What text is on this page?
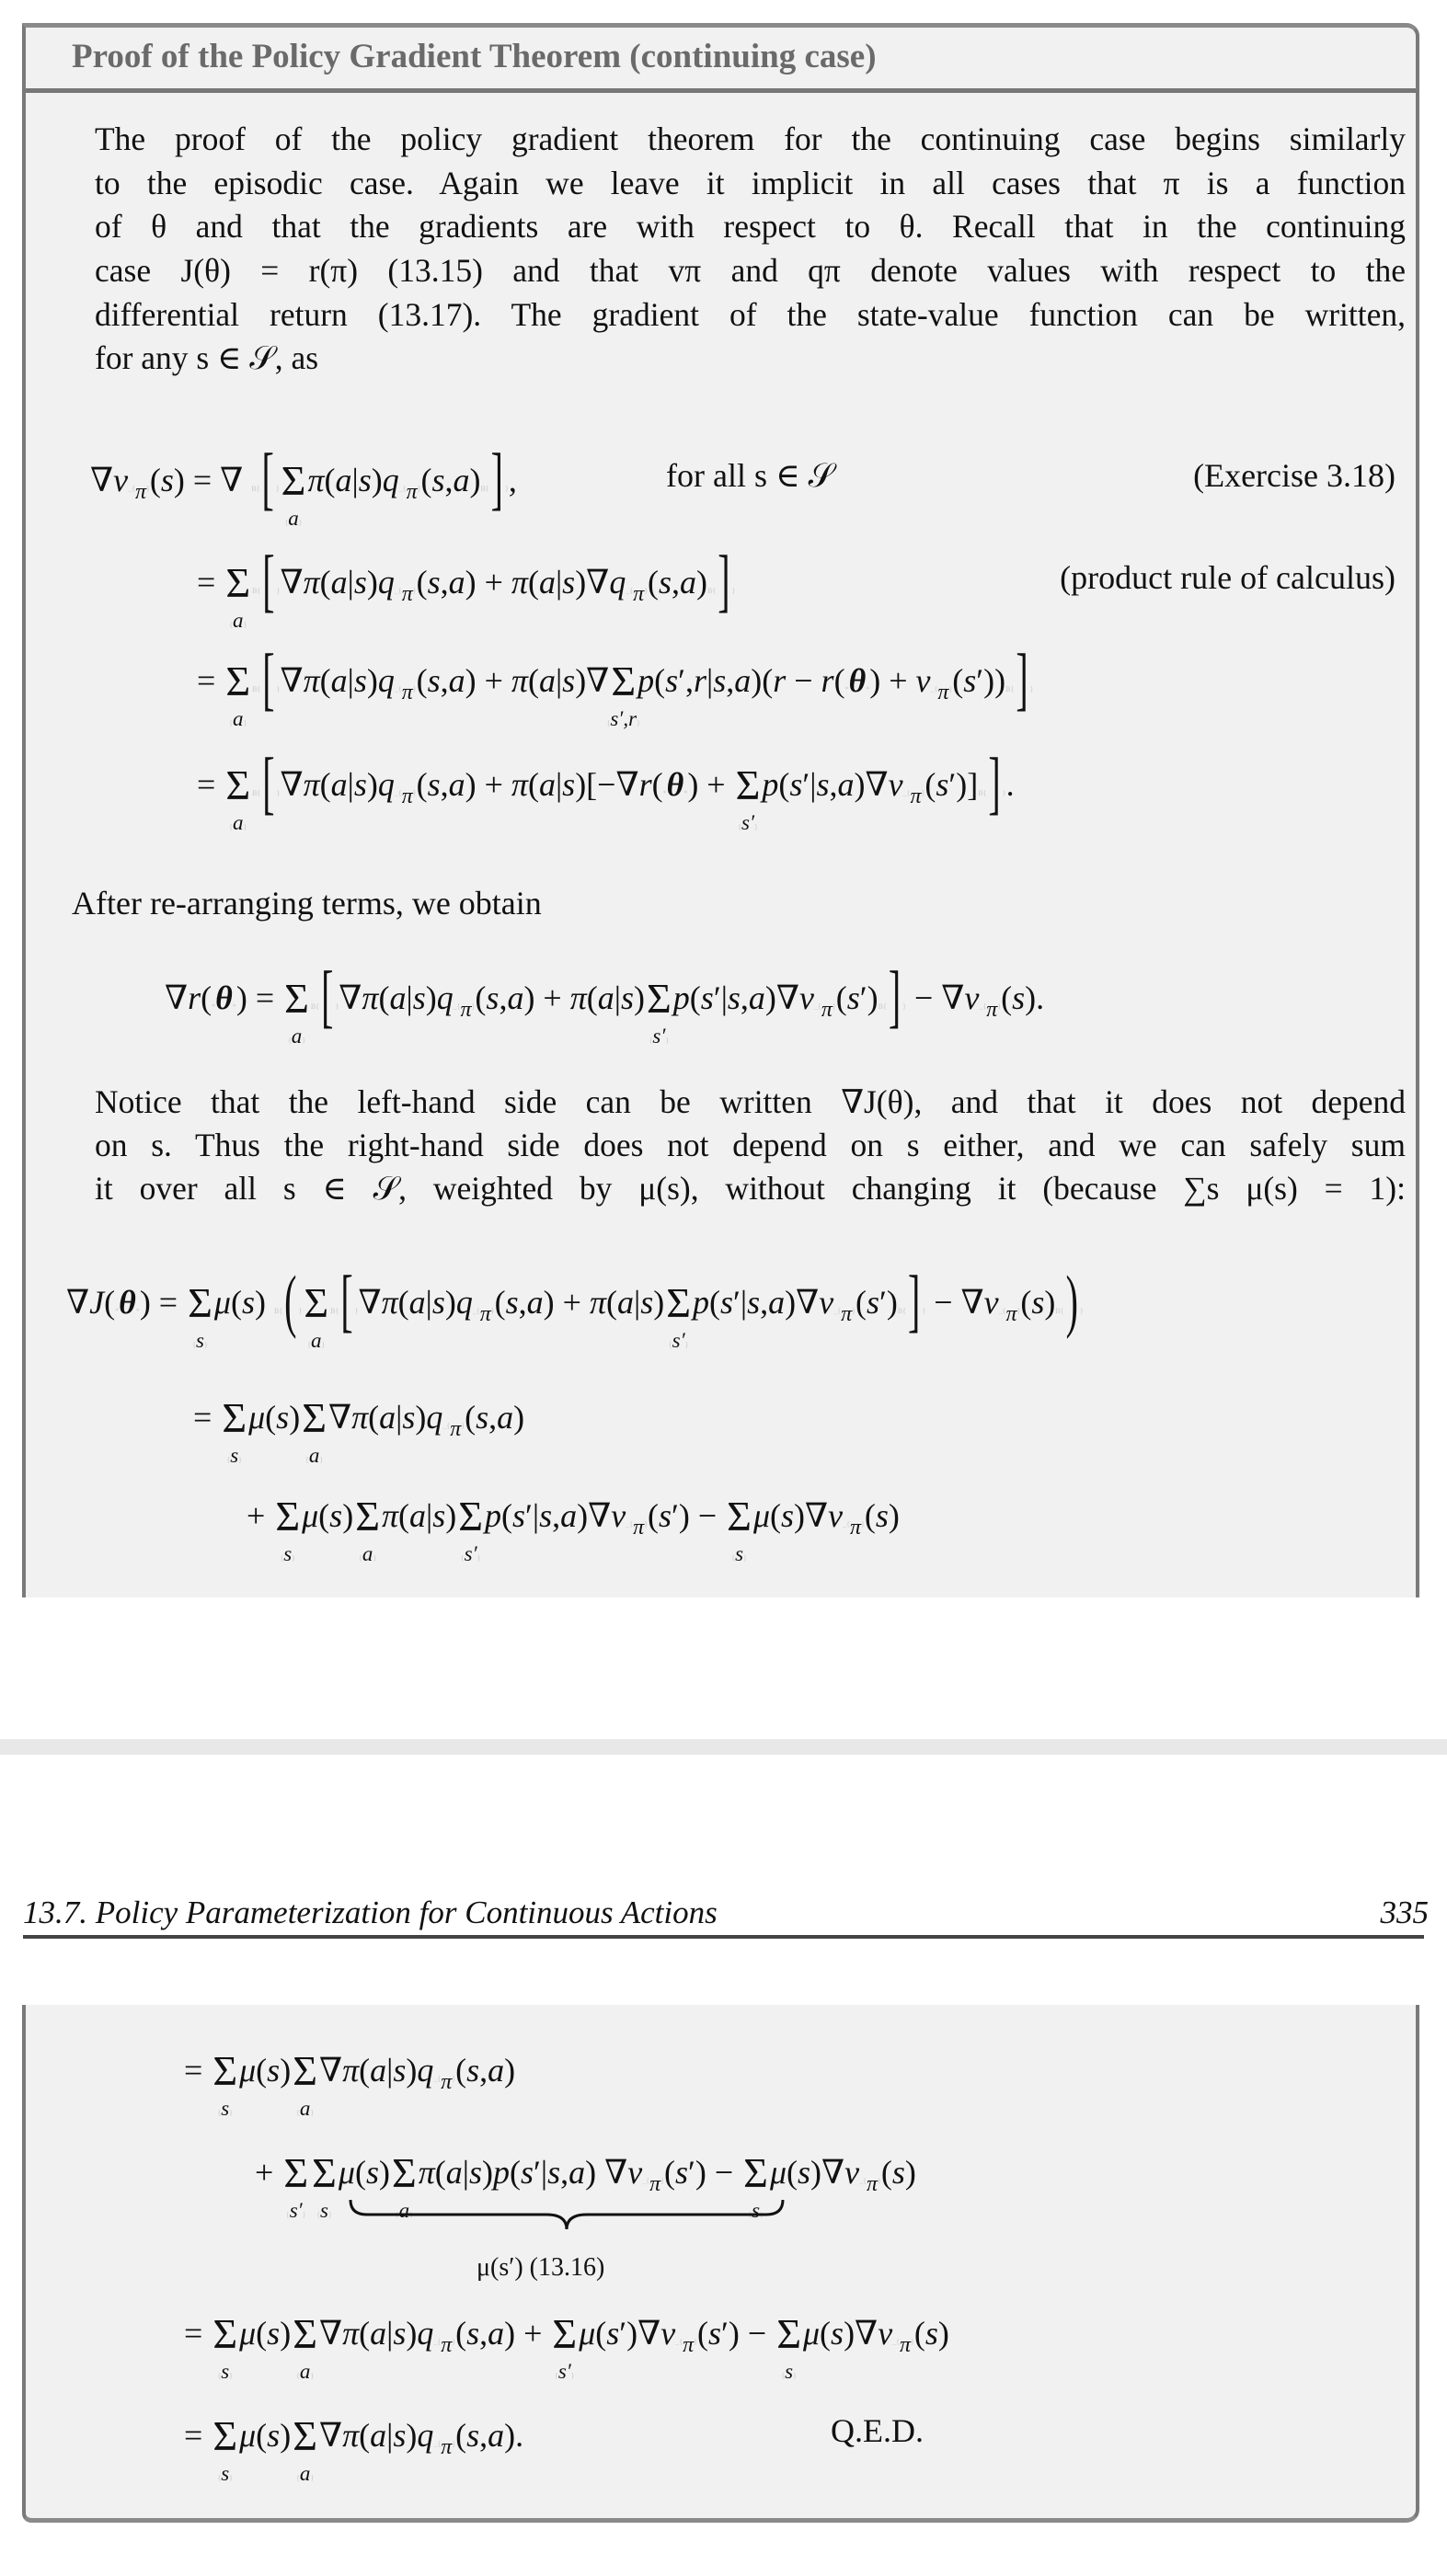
Proof of the Policy Gradient Theorem (continuing case)
The proof of the policy gradient theorem for the continuing case begins similarly
to the episodic case. Again we leave it implicit in all cases that π is a function
of θ and that the gradients are with respect to θ. Recall that in the continuing
case J(θ) = r(π) (13.15) and that vπ and qπ denote values with respect to the
differential return (13.17). The gradient of the state-value function can be written,
for any s ∈ 𝒮, as
$\nabla v\_\{_\pi\}(s)$ = ∇ B{[ }Σ
{a}
$\pi(a|s)q\_\{_\pi\}(s,a)B\{]$ },	for all s ∈ 𝒮	(Exercise 3.18)
= Σ
{a}
B{[ }$\nabla\pi(a|s)q\_\{_\pi\}(s,a)$ + $\pi(a|s)\nabla q\_\{_\pi\}(s,a)B\{]$ }	(product rule of calculus)
= Σ
{a}
B{[ }$\nabla\pi(a|s)q\_\{_\pi\}(s,a) + \pi(a|s)\nabla\Sigma$
{s′,r}
$p(s',r|s,a)(r - r(*\theta*) + v\_\{_\pi\}(s'))B\{]$ }
= Σ
{a}
B{[ }$\nabla\pi(a|s)q\_\{_\pi\}(s,a) + \pi(a|s)[-\nabla r(*\theta*) + \Sigma$
{s′}
$p(s'|s,a)\nabla v\_\{_\pi\}(s')]B\{]$ }.
After re-arranging terms, we obtain
∇r(*θ*) = Σ
{a}
B{[ }$\nabla\pi(a|s)q\_\{_\pi\}(s,a) + \pi(a|s)\Sigma$
{s′}
$p(s'|s,a)\nabla v\_\{_\pi\}(s')B\{]$ } − $\nabla v\_\{_\pi\}(s)$.
Notice that the left-hand side can be written ∇J(θ), and that it does not depend
on s. Thus the right-hand side does not depend on s either, and we can safely sum
it over all s ∈ 𝒮, weighted by μ(s), without changing it (because ∑s μ(s) = 1):
∇J(*θ*) = Σ
{s}
μ(s) B{( }Σ
{a}
B{[ }$\nabla\pi(a|s)q\_\{_\pi\}(s,a) + \pi(a|s)\Sigma$
{s′}
$p(s'|s,a)\nabla v\_\{_\pi\}(s')B\{]$ } − $\nabla v\_\{_\pi\}(s)B\{)$ }
= Σ
{s}
μ(s)Σ
{a}
$\nabla\pi(a|s)q\_\{_\pi\}(s,a)$
+ Σ
{s}
μ(s)Σ
{a}
π(a|s)Σ
{s′}
$p(s'|s,a)\nabla v\_\{_\pi\}(s') - \Sigma$
{s}
$\mu(s)\nabla v\_\{_\pi\}(s)$
13.7. Policy Parameterization for Continuous Actions	335
= Σ
{s}
μ(s)Σ
{a}
$\nabla\pi(a|s)q\_\{_\pi\}(s,a)$
+ Σ
{s′}
Σ
{s}
μ(s)Σ
{a}
π(a|s)p(s′|s,a) $\nabla v\_\{_\pi\}(s') - \Sigma$
{s}
$\mu(s)\nabla v\_\{_\pi\}(s)$
μ(s′) (13.16)
= Σ
{s}
μ(s)Σ
{a}
$\nabla\pi(a|s)q\_\{_\pi\}(s,a) + \Sigma$
{s′}
$\mu(s')\nabla v\_\{_\pi\}(s') - \Sigma$
{s}
$\mu(s)\nabla v\_\{_\pi\}(s)$
= Σ
{s}
μ(s)Σ
{a}
$\nabla\pi(a|s)q\_\{_\pi\}(s,a)$.	Q.E.D.
